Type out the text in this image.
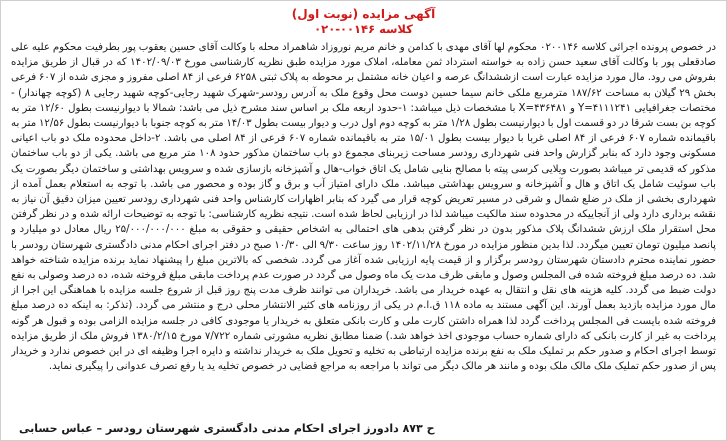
آگهی مزایده (نوبت اول)
کلاسه ۰۰۱۴۶-۰۲۰
در خصوص پرونده اجرائی کلاسه ۰۲۰۰۱۴۶ محکوم لها آقای مهدی با کدامن و خانم مریم نوروزاد شاهمراد محله با وکالت آقای حسین یعقوب پور بطرفیت محکوم علیه علی صادقعلی پور با وکالت آقای سعید حسن زاده به خواسته استرداد ثمن معامله، املاک مورد مزایده طبق نظریه کارشناسی مورخ ۱۴۰۲/۰۹/۰۳ که در قبال از طریق مزایده بفروش می رود. مال مورد مزایده عبارت است ازششدانگ عرصه و اعیان خانه مشتمل بر محوطه به پلاک ثبتی ۶۲۵۸ فرعی از ۸۴ اصلی مفروز و مجزی شده از ۶۰۷ فرعی بخش ۲۹ گیلان به مساحت ۱۸۷/۶۲ مترمربع ملکی خانم سیما حسین دوست محل وقوع ملک به آدرس رودسر-شهرک شهید رجایی-کوچه شهید رجایی ۸ (کوچه چهاندار) - مختصات جغرافیایی ۴۱۱۱۲۴۱=Y و ۴۳۶۴۸۱=X با مشخصات ذیل میباشد: ۱-حدود اربعه ملک بر اساس سند مشرح ذیل می باشد: شمالا با دیوارنیست بطول ۱۲/۶۰ متر به کوچه بن بست شرقا در دو قسمت اول با دیوارنیست بطول ۱/۲۸ متر به کوچه دوم اول درب و دیوار بیست بطول ۱۴/۰۳ متر به کوچه جنوبا با دیوارنیست بطول ۱۲/۵۶ متر به باقیمانده شماره ۶۰۷ فرعی از ۸۴ اصلی غربا با دیوار بیست بطول ۱۵/۰۱ متر به باقیمانده شماره ۶۰۷ فرعی از ۸۴ اصلی می باشد. ۲-داخل محدوده ملک دو باب اعیانی مسکونی وجود دارد که بنابر گزارش واحد فنی شهرداری رودسر مساحت زیربنای مجموع دو باب ساختمان مذکور حدود ۱۰۸ متر مربع می باشد. یکی از دو باب ساختمان مذکور که قدیمی تر میباشد بصورت ویلایی کرسی پیته با مصالح بنایی شامل یک اتاق خواب-هال و آشپزخانه بازسازی شده و سرویس بهداشتی و ساختمان دیگر بصورت یک باب سوئیت شامل یک اتاق و هال و آشپزخانه و سرویس بهداشتی میباشد. ملک دارای امتیاز آب و برق و گاز بوده و محصور می باشد. با توجه به استعلام بعمل آمده از شهرداری بخشی از ملک در ضلع شمال و شرقی در مسیر تعریض کوچه قرار می گیرد که بنابر اظهارات کارشناس واحد فنی شهرداری رودسر تعیین میزان دقیق آن نیاز به نقشه برداری دارد ولی از آنجاییکه در محدوده سند مالکیت میباشد لذا در ارزیابی لحاظ شده است. نتیجه نظریه کارشناسی: با توجه به توضیحات ارائه شده و در نظر گرفتن محل استقرار ملک ارزش ششدانگ پلاک مذکور بدون در نظر گرفتن بدهی های احتمالی به اشخاص حقیقی و حقوقی به مبلغ ۲۵/۰۰۰/۰۰۰/۰۰۰ ریال معادل دو میلیارد و پانصد میلیون تومان تعیین میگردد. لذا بدین منظور مزایده در مورخ ۱۴۰۲/۱۱/۲۸ روز ساعت ۹/۳۰ الی ۱۰/۳۰ صبح در دفتر اجرای احکام مدنی دادگستری شهرستان رودسر با حضور نماینده محترم دادستان شهرستان رودسر برگزار و از قیمت پایه ارزیابی شده آغاز می گردد. شخصی که بالاترین مبلغ را پیشنهاد نماید برنده مزایده شناخته خواهد شد. ده درصد مبلغ فروخته شده فی المجلس وصول و مابقی ظرف مدت یک ماه وصول می گردد در صورت عدم پرداخت مابقی مبلغ فروخته شده، ده درصد وصولی به نفع دولت ضبط می گردد. کلیه هزینه های نقل و انتقال به عهده خریدار می باشد. خریداران می توانند ظرف مدت پنج روز قبل از شروع جلسه مزایده با هماهنگی این اجرا از مال مورد مزایده بازدید بعمل آورند. این آگهی مستند به ماده ۱۱۸ ق.ا.م در یکی از روزنامه های کثیر الانتشار محلی درج و منتشر می گردد. (تذکر: به اینکه ده درصد مبلغ فروخته شده بایست فی المجلس پرداخت گردد لذا همراه داشتن کارت ملی و کارت بانکی متعلق به خریدار یا موجودی کافی در جلسه مزایده الزامی بوده و قبول هر گونه پرداخت به غیر از کارت بانکی که دارای شماره حساب موجودی اخذ خواهد شد.) ضمنا مطابق نظریه مشورتی شماره ۷/۷۲۲ مورخ ۱۳۸۰/۲/۱۵ فروش ملک از طریق مزایده توسط اجرای احکام و صدور حکم بر تملیک ملک به نفع برنده مزایده ارتباطی به تخلیه و تحویل ملک به خریدار نداشته و دایره اجرا وظیفه ای در این خصوص ندارد و خریدار پس از صدور حکم تملیک ملک مالک ملک بوده و مانند هر مالک دیگر می تواند با مراجعه به مراجع قضایی در خصوص تخلیه ید یا رفع تصرف عدوانی را پیگیری نماید.
ح ۸۷۳ دادورز اجرای احکام مدنی دادگستری شهرستان رودسر – عباس حسابی
